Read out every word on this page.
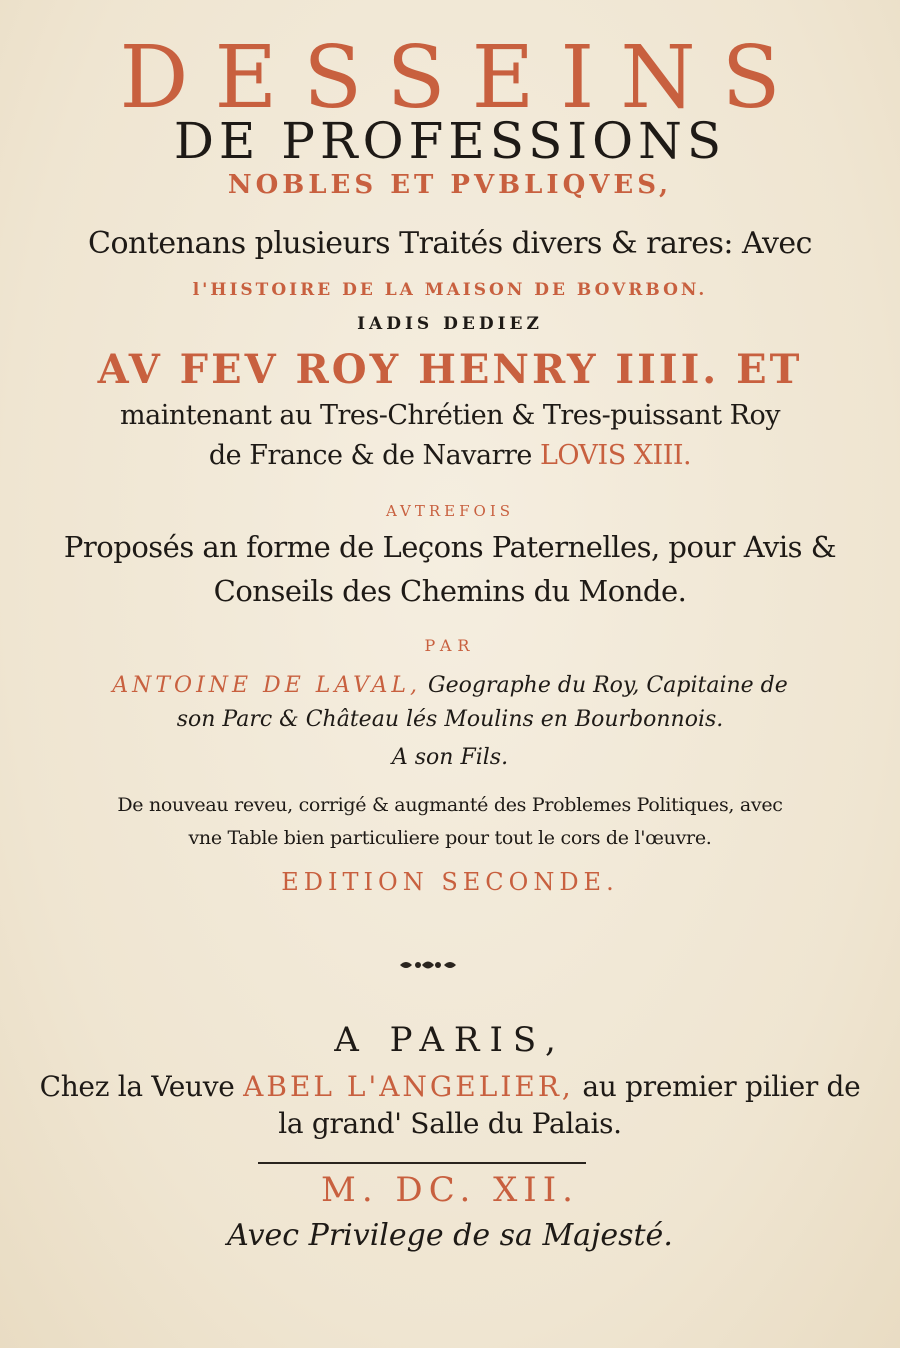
DESSEINS
DE PROFESSIONS
NOBLES ET PVBLIQVES,
Contenans plusieurs Traités divers & rares: Avec
l'HISTOIRE DE LA MAISON DE BOVRBON.
IADIS DEDIEZ
AV FEV ROY HENRY IIII. ET
maintenant au Tres-Chrétien & Tres-puissant Roy
de France & de Navarre LOVIS XIII.
AVTREFOIS
Proposés an forme de Leçons Paternelles, pour Avis &
Conseils des Chemins du Monde.
PAR
ANTOINE DE LAVAL, Geographe du Roy, Capitaine de
son Parc & Château lés Moulins en Bourbonnois.
A son Fils.
De nouveau reveu, corrigé & augmanté des Problemes Politiques, avec
vne Table bien particuliere pour tout le cors de l'œuvre.
EDITION SECONDE.
A PARIS,
Chez la Veuve ABEL L'ANGELIER, au premier pilier de
la grand' Salle du Palais.
M. DC. XII.
Avec Privilege de sa Majesté.
